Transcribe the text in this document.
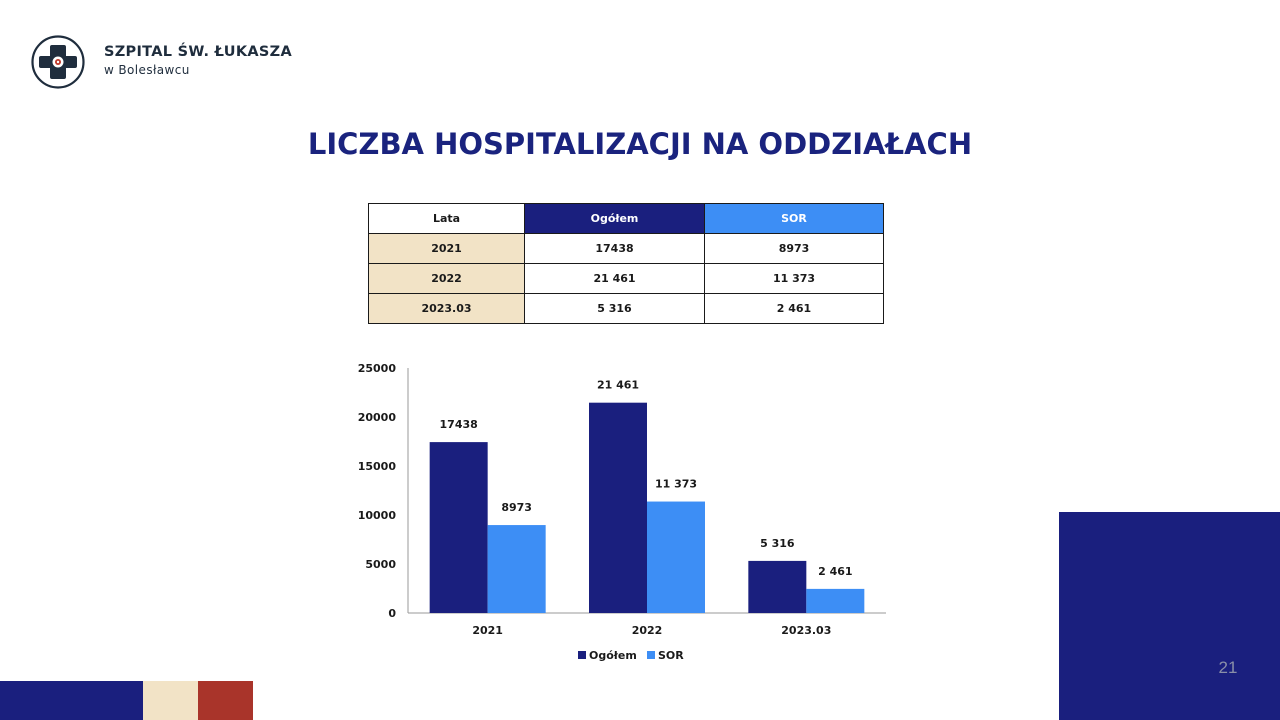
SZPITAL ŚW. ŁUKASZA
w Bolesławcu
LICZBA HOSPITALIZACJI NA ODDZIAŁACH
Lata	Ogółem	SOR
2021	17438	8973
2022	21 461	11 373
2023.03	5 316	2 461
0
5000
10000
15000
20000
25000
17438
8973
2021
21 461
11 373
2022
5 316
2 461
2023.03
Ogółem SOR
21
